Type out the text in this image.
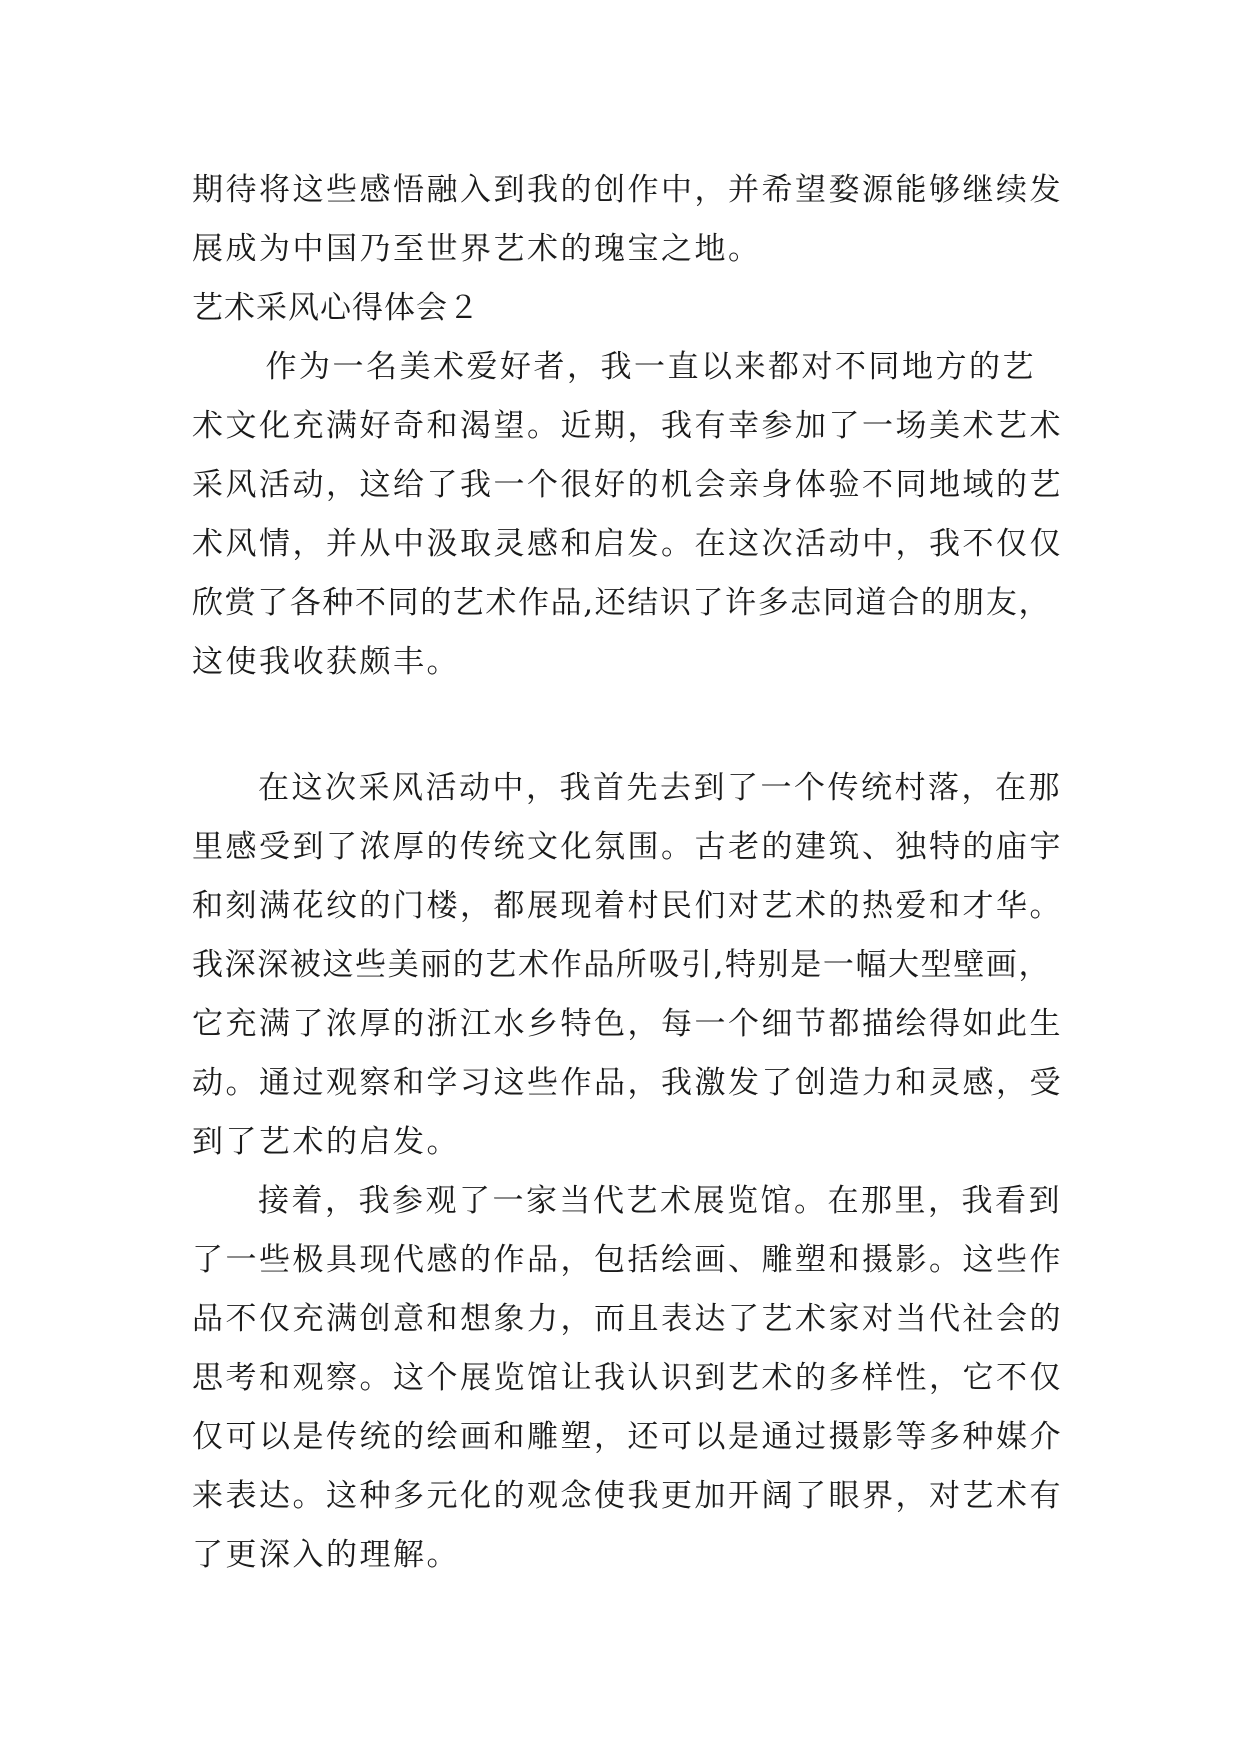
期待将这些感悟融入到我的创作中，并希望婺源能够继续发
展成为中国乃至世界艺术的瑰宝之地。
艺术采风心得体会２
　作为一名美术爱好者，我一直以来都对不同地方的艺
术文化充满好奇和渴望。近期，我有幸参加了一场美术艺术
采风活动，这给了我一个很好的机会亲身体验不同地域的艺
术风情，并从中汲取灵感和启发。在这次活动中，我不仅仅
欣赏了各种不同的艺术作品,还结识了许多志同道合的朋友，
这使我收获颇丰。
在这次采风活动中，我首先去到了一个传统村落，在那
里感受到了浓厚的传统文化氛围。古老的建筑、独特的庙宇
和刻满花纹的门楼，都展现着村民们对艺术的热爱和才华。
我深深被这些美丽的艺术作品所吸引,特别是一幅大型壁画，
它充满了浓厚的浙江水乡特色，每一个细节都描绘得如此生
动。通过观察和学习这些作品，我激发了创造力和灵感，受
到了艺术的启发。
接着，我参观了一家当代艺术展览馆。在那里，我看到
了一些极具现代感的作品，包括绘画、雕塑和摄影。这些作
品不仅充满创意和想象力，而且表达了艺术家对当代社会的
思考和观察。这个展览馆让我认识到艺术的多样性，它不仅
仅可以是传统的绘画和雕塑，还可以是通过摄影等多种媒介
来表达。这种多元化的观念使我更加开阔了眼界，对艺术有
了更深入的理解。
